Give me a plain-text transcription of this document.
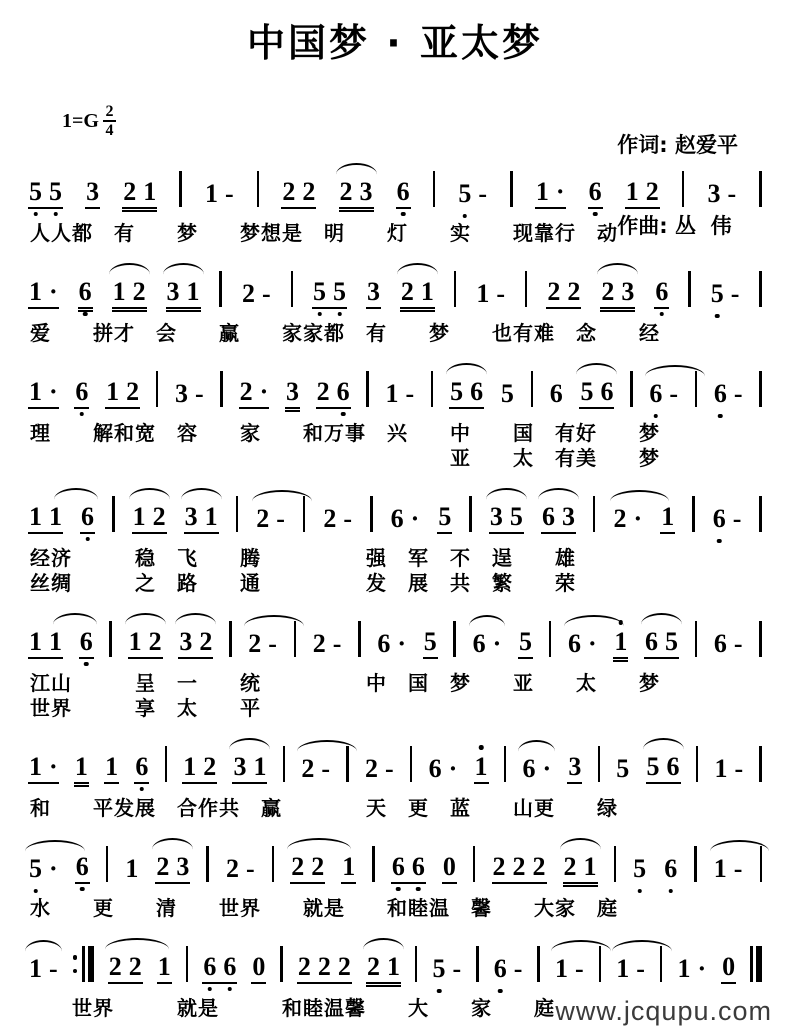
中国梦 · 亚太梦

作词: 赵爱平

作曲: 丛  伟

$1=G \frac{2}{4}$
5 5 3 2 1 1 - 2 2 2 3 6 5 - 1 · 6 1 2 3 -
人人都　有　　梦　　梦想是　明　　灯　　实　　现靠行　动
1 · 6 1 2 3 1 2 - 5 5 3 2 1 1 - 2 2 2 3 6 5 -
爱　　拼才　会　　赢　　家家都　有　　梦　　也有难　念　　经
1 · 6 1 2 3 - 2 · 3 2 6 1 - 5 6 5 6 5 6 6 - 6 -
理　　解和宽　容　　家　　和万事　兴　　中　　国　有好　　梦
　　　　　　　　　　　　　　　　　　　　亚　　太　有美　　梦
1 1 6 1 2 3 1 2 - 2 - 6 · 5 3 5 6 3 2 · 1 6 -
经济　　　稳　飞　　腾　　　　　强　军　不　逞　　雄
丝绸　　　之　路　　通　　　　　发　展　共　繁　　荣
1 1 6 1 2 3 2 2 - 2 - 6 · 5 6 · 5 6 · 1 6 5 6 -
江山　　　呈　一　　统　　　　　中　国　梦　　亚　　太　　梦
世界　　　享　太　　平
1 · 1 1 6 1 2 3 1 2 - 2 - 6 · 1 6 · 3 5 5 6 1 -
和　　平发展　合作共　赢　　　　天　更　蓝　　山更　　绿
5 · 6 1 2 3 2 - 2 2 1 6 6 0 2 2 2 2 1 5 6 1 -
水　　更　　清　　世界　　就是　　和睦温　馨　　大家　庭
1 - 2 2 1 6 6 0 2 2 2 2 1 5 - 6 - 1 - 1 - 1 · 0
　　世界　　　就是　　　和睦温馨　　大　　家　　庭 www.jcqupu.com
